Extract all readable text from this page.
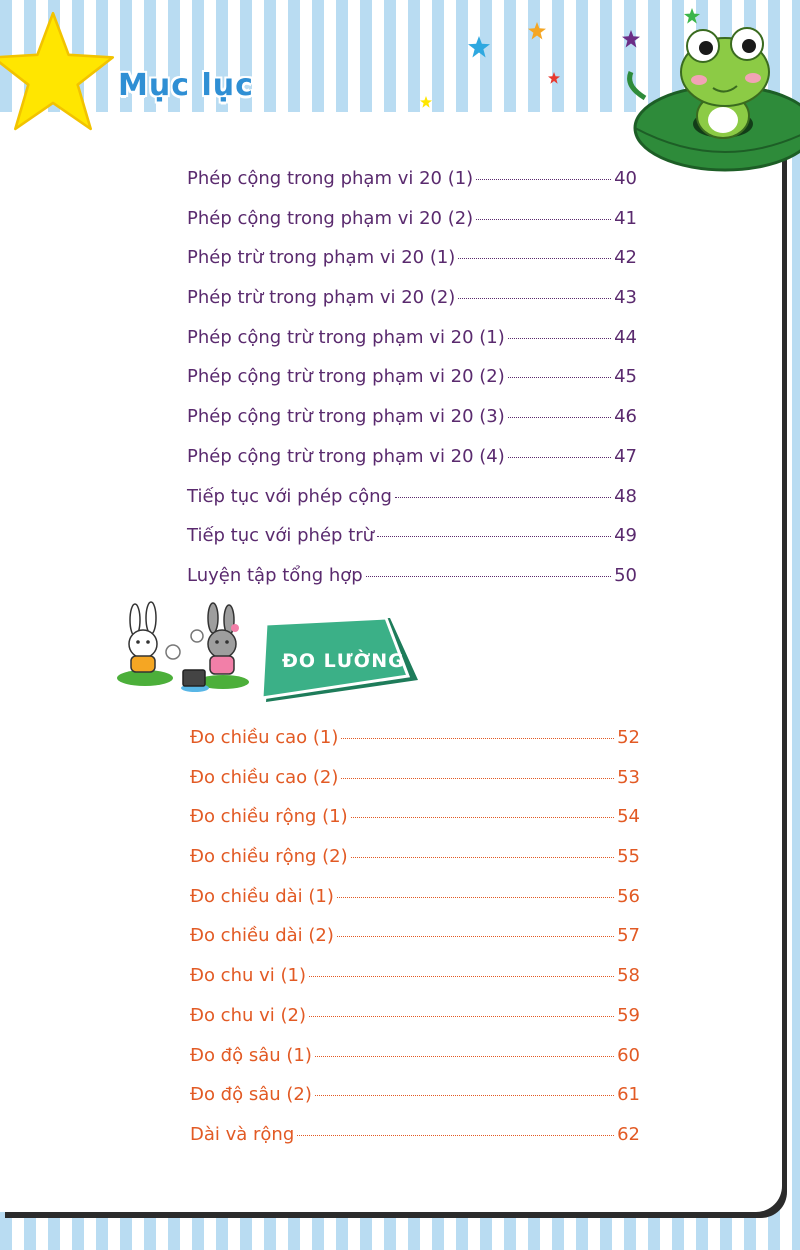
Mục lục
Phép cộng trong phạm vi 20 (1)	40
Phép cộng trong phạm vi 20 (2)	41
Phép trừ trong phạm vi 20 (1)	42
Phép trừ trong phạm vi 20 (2)	43
Phép cộng trừ trong phạm vi 20 (1)	44
Phép cộng trừ trong phạm vi 20 (2)	45
Phép cộng trừ trong phạm vi 20 (3)	46
Phép cộng trừ trong phạm vi 20 (4)	47
Tiếp tục với phép cộng	48
Tiếp tục với phép trừ	49
Luyện tập tổng hợp	50
ĐO LƯỜNG
Đo chiều cao (1)	52
Đo chiều cao (2)	53
Đo chiều rộng (1)	54
Đo chiều rộng (2)	55
Đo chiều dài (1)	56
Đo chiều dài (2)	57
Đo chu vi (1)	58
Đo chu vi (2)	59
Đo độ sâu (1)	60
Đo độ sâu (2)	61
Dài và rộng	62
